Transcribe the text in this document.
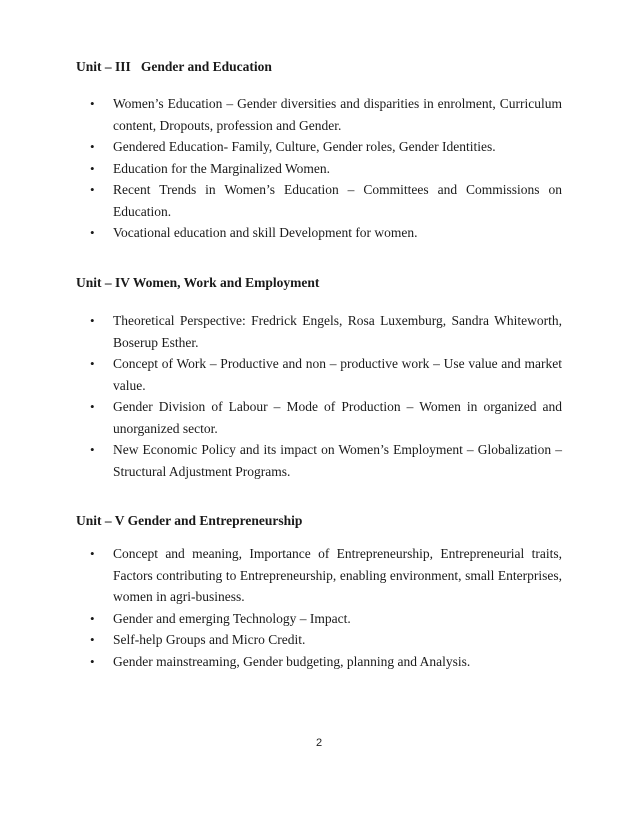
Unit – III   Gender and Education
• Women’s Education – Gender diversities and disparities in enrolment, Curriculum content, Dropouts, profession and Gender.
• Gendered Education- Family, Culture, Gender roles, Gender Identities.
• Education for the Marginalized Women.
• Recent Trends in Women’s Education – Committees and Commissions on Education.
• Vocational education and skill Development for women.
Unit – IV Women, Work and Employment
• Theoretical Perspective: Fredrick Engels, Rosa Luxemburg, Sandra Whiteworth, Boserup Esther.
• Concept of Work – Productive and non – productive work – Use value and market value.
• Gender Division of Labour – Mode of Production – Women in organized and unorganized sector.
• New Economic Policy and its impact on Women’s Employment – Globalization – Structural Adjustment Programs.
Unit – V Gender and Entrepreneurship
• Concept and meaning, Importance of Entrepreneurship, Entrepreneurial traits, Factors contributing to Entrepreneurship, enabling environment, small Enterprises, women in agri-business.
• Gender and emerging Technology – Impact.
• Self-help Groups and Micro Credit.
• Gender mainstreaming, Gender budgeting, planning and Analysis.
2
